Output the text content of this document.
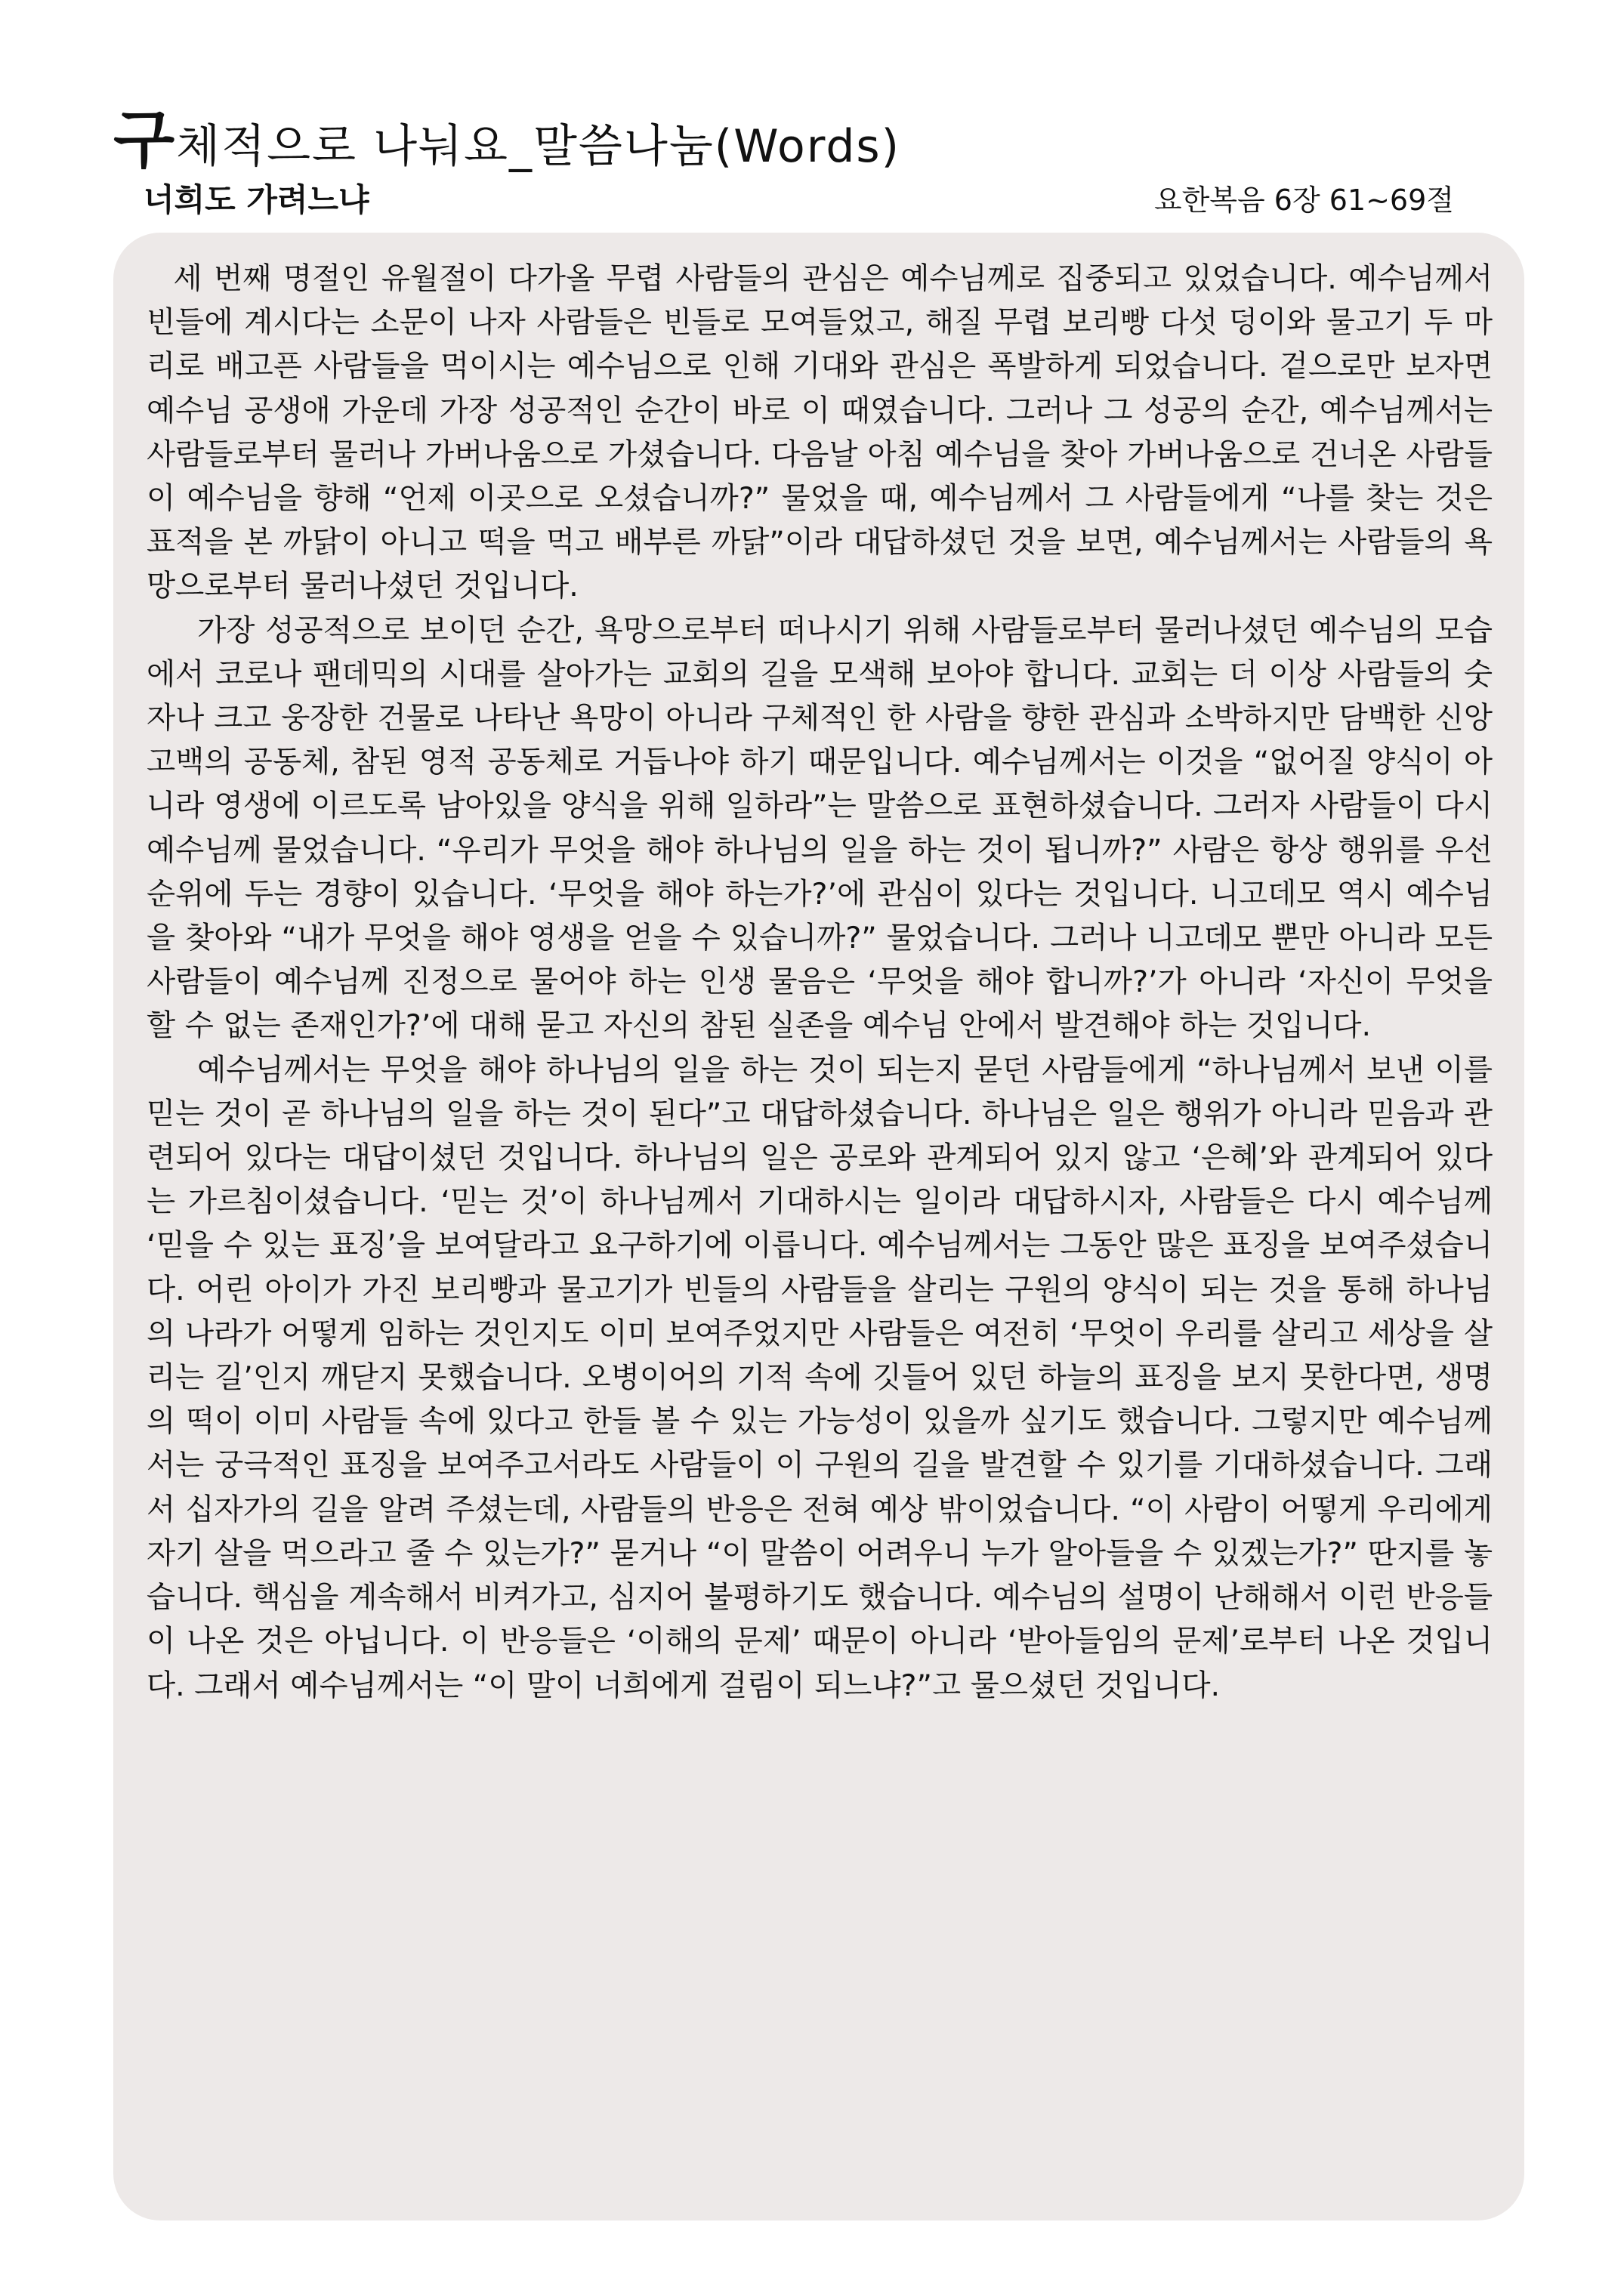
구체적으로 나눠요_말씀나눔(Words)
너희도 가려느냐	요한복음 6장 61~69절

세 번째 명절인 유월절이 다가올 무렵 사람들의 관심은 예수님께로 집중되고 있었습니다. 예수님께서 빈들에 계시다는 소문이 나자 사람들은 빈들로 모여들었고, 해질 무렵 보리빵 다섯 덩이와 물고기 두 마리로 배고픈 사람들을 먹이시는 예수님으로 인해 기대와 관심은 폭발하게 되었습니다. 겉으로만 보자면 예수님 공생애 가운데 가장 성공적인 순간이 바로 이 때였습니다. 그러나 그 성공의 순간, 예수님께서는 사람들로부터 물러나 가버나움으로 가셨습니다. 다음날 아침 예수님을 찾아 가버나움으로 건너온 사람들이 예수님을 향해 “언제 이곳으로 오셨습니까?” 물었을 때, 예수님께서 그 사람들에게 “나를 찾는 것은 표적을 본 까닭이 아니고 떡을 먹고 배부른 까닭”이라 대답하셨던 것을 보면, 예수님께서는 사람들의 욕망으로부터 물러나셨던 것입니다.

가장 성공적으로 보이던 순간, 욕망으로부터 떠나시기 위해 사람들로부터 물러나셨던 예수님의 모습에서 코로나 팬데믹의 시대를 살아가는 교회의 길을 모색해 보아야 합니다. 교회는 더 이상 사람들의 숫자나 크고 웅장한 건물로 나타난 욕망이 아니라 구체적인 한 사람을 향한 관심과 소박하지만 담백한 신앙고백의 공동체, 참된 영적 공동체로 거듭나야 하기 때문입니다. 예수님께서는 이것을 “없어질 양식이 아니라 영생에 이르도록 남아있을 양식을 위해 일하라”는 말씀으로 표현하셨습니다. 그러자 사람들이 다시 예수님께 물었습니다. “우리가 무엇을 해야 하나님의 일을 하는 것이 됩니까?” 사람은 항상 행위를 우선순위에 두는 경향이 있습니다. ‘무엇을 해야 하는가?’에 관심이 있다는 것입니다. 니고데모 역시 예수님을 찾아와 “내가 무엇을 해야 영생을 얻을 수 있습니까?” 물었습니다. 그러나 니고데모 뿐만 아니라 모든 사람들이 예수님께 진정으로 물어야 하는 인생 물음은 ‘무엇을 해야 합니까?’가 아니라 ‘자신이 무엇을 할 수 없는 존재인가?’에 대해 묻고 자신의 참된 실존을 예수님 안에서 발견해야 하는 것입니다.

예수님께서는 무엇을 해야 하나님의 일을 하는 것이 되는지 묻던 사람들에게 “하나님께서 보낸 이를 믿는 것이 곧 하나님의 일을 하는 것이 된다”고 대답하셨습니다. 하나님은 일은 행위가 아니라 믿음과 관련되어 있다는 대답이셨던 것입니다. 하나님의 일은 공로와 관계되어 있지 않고 ‘은혜’와 관계되어 있다는 가르침이셨습니다. ‘믿는 것’이 하나님께서 기대하시는 일이라 대답하시자, 사람들은 다시 예수님께 ‘믿을 수 있는 표징’을 보여달라고 요구하기에 이릅니다. 예수님께서는 그동안 많은 표징을 보여주셨습니다. 어린 아이가 가진 보리빵과 물고기가 빈들의 사람들을 살리는 구원의 양식이 되는 것을 통해 하나님의 나라가 어떻게 임하는 것인지도 이미 보여주었지만 사람들은 여전히 ‘무엇이 우리를 살리고 세상을 살리는 길’인지 깨닫지 못했습니다. 오병이어의 기적 속에 깃들어 있던 하늘의 표징을 보지 못한다면, 생명의 떡이 이미 사람들 속에 있다고 한들 볼 수 있는 가능성이 있을까 싶기도 했습니다. 그렇지만 예수님께서는 궁극적인 표징을 보여주고서라도 사람들이 이 구원의 길을 발견할 수 있기를 기대하셨습니다. 그래서 십자가의 길을 알려 주셨는데, 사람들의 반응은 전혀 예상 밖이었습니다. “이 사람이 어떻게 우리에게 자기 살을 먹으라고 줄 수 있는가?” 묻거나 “이 말씀이 어려우니 누가 알아들을 수 있겠는가?” 딴지를 놓습니다. 핵심을 계속해서 비켜가고, 심지어 불평하기도 했습니다. 예수님의 설명이 난해해서 이런 반응들이 나온 것은 아닙니다. 이 반응들은 ‘이해의 문제’ 때문이 아니라 ‘받아들임의 문제’로부터 나온 것입니다. 그래서 예수님께서는 “이 말이 너희에게 걸림이 되느냐?”고 물으셨던 것입니다.
